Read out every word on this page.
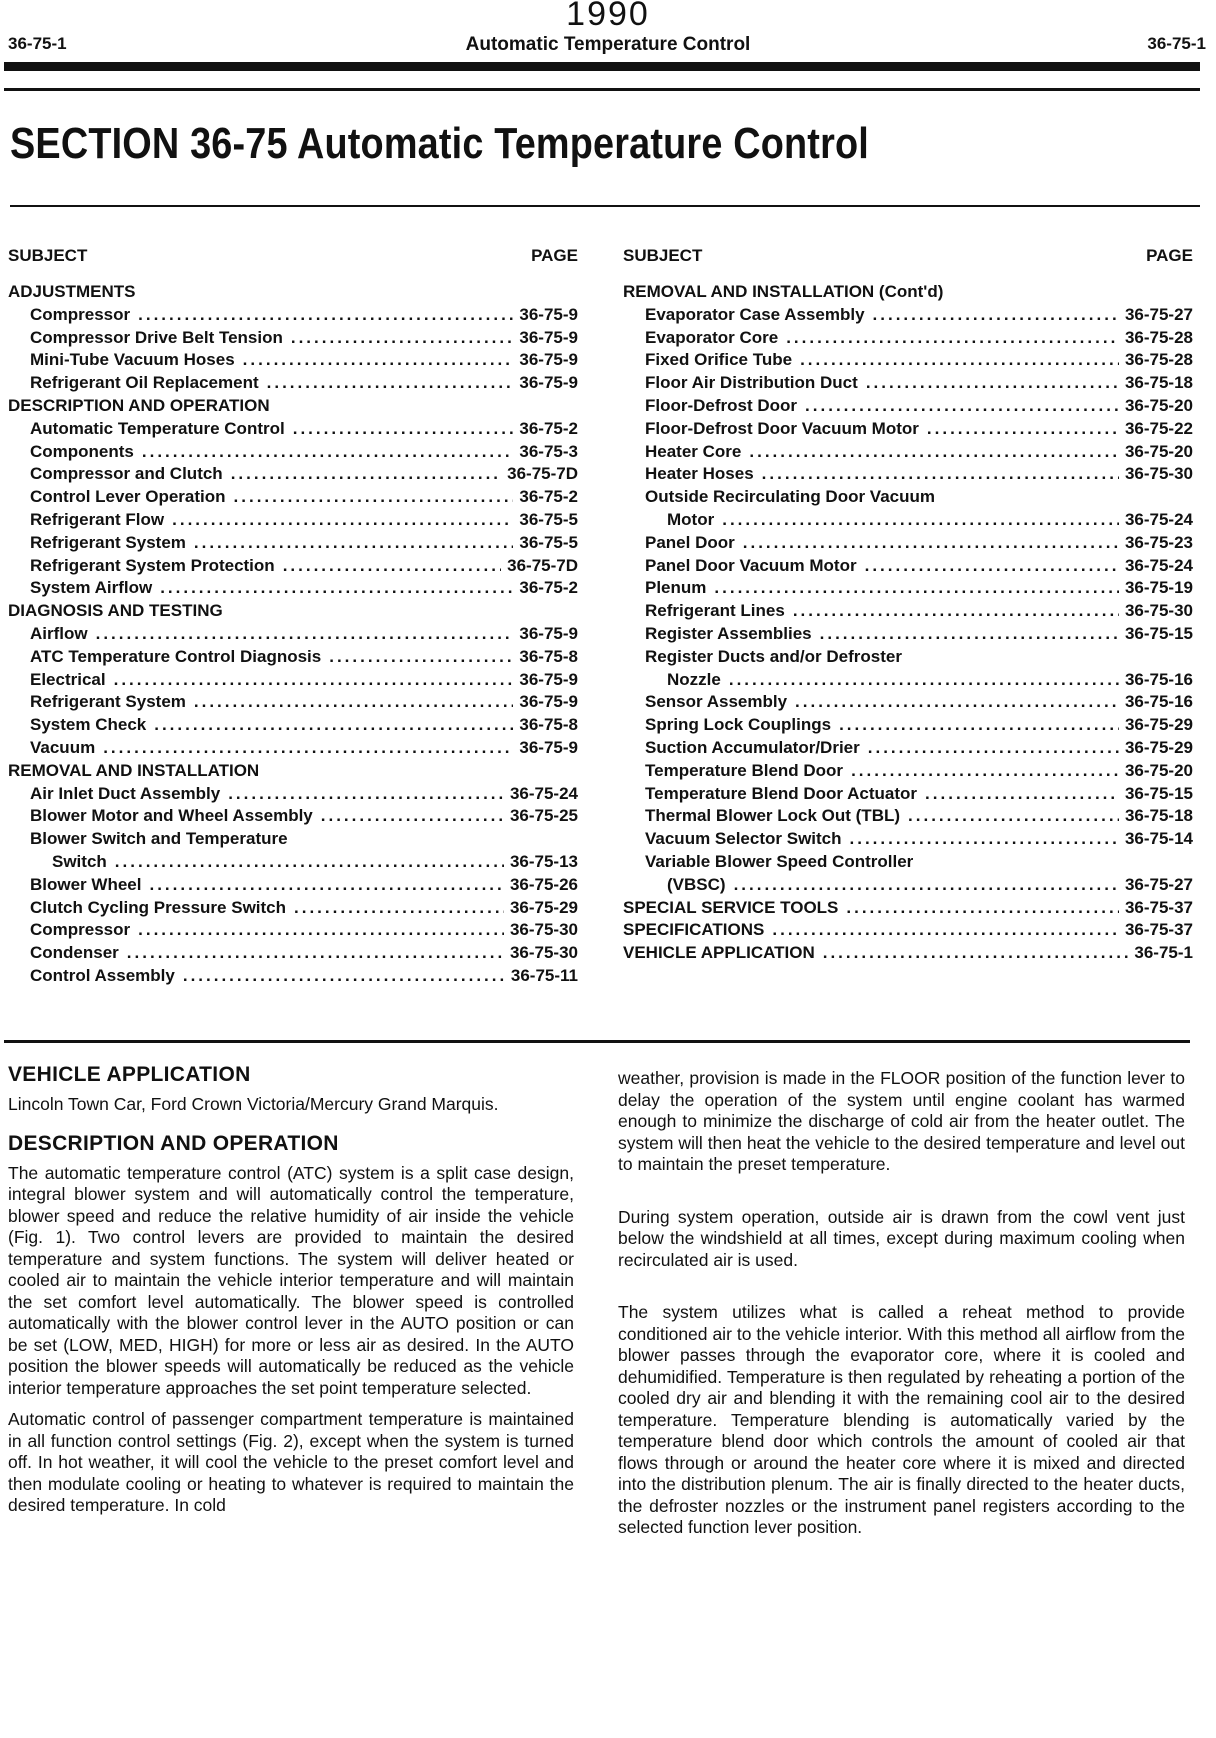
1990
36-75-1	Automatic Temperature Control	36-75-1
SECTION 36-75 Automatic Temperature Control
SUBJECT	PAGE
ADJUSTMENTS
Compressor .....	36-75-9
Compressor Drive Belt Tension .....	36-75-9
Mini-Tube Vacuum Hoses .....	36-75-9
Refrigerant Oil Replacement .....	36-75-9
DESCRIPTION AND OPERATION
Automatic Temperature Control .....	36-75-2
Components .....	36-75-3
Compressor and Clutch .....	36-75-7D
Control Lever Operation .....	36-75-2
Refrigerant Flow .....	36-75-5
Refrigerant System .....	36-75-5
Refrigerant System Protection .....	36-75-7D
System Airflow .....	36-75-2
DIAGNOSIS AND TESTING
Airflow .....	36-75-9
ATC Temperature Control Diagnosis .....	36-75-8
Electrical .....	36-75-9
Refrigerant System .....	36-75-9
System Check .....	36-75-8
Vacuum .....	36-75-9
REMOVAL AND INSTALLATION
Air Inlet Duct Assembly .....	36-75-24
Blower Motor and Wheel Assembly .....	36-75-25
Blower Switch and Temperature
Switch .....	36-75-13
Blower Wheel .....	36-75-26
Clutch Cycling Pressure Switch .....	36-75-29
Compressor .....	36-75-30
Condenser .....	36-75-30
Control Assembly .....	36-75-11
SUBJECT	PAGE
REMOVAL AND INSTALLATION (Cont'd)
Evaporator Case Assembly .....	36-75-27
Evaporator Core .....	36-75-28
Fixed Orifice Tube .....	36-75-28
Floor Air Distribution Duct .....	36-75-18
Floor-Defrost Door .....	36-75-20
Floor-Defrost Door Vacuum Motor .....	36-75-22
Heater Core .....	36-75-20
Heater Hoses .....	36-75-30
Outside Recirculating Door Vacuum
Motor .....	36-75-24
Panel Door .....	36-75-23
Panel Door Vacuum Motor .....	36-75-24
Plenum .....	36-75-19
Refrigerant Lines .....	36-75-30
Register Assemblies .....	36-75-15
Register Ducts and/or Defroster
Nozzle .....	36-75-16
Sensor Assembly .....	36-75-16
Spring Lock Couplings .....	36-75-29
Suction Accumulator/Drier .....	36-75-29
Temperature Blend Door .....	36-75-20
Temperature Blend Door Actuator .....	36-75-15
Thermal Blower Lock Out (TBL) .....	36-75-18
Vacuum Selector Switch .....	36-75-14
Variable Blower Speed Controller
(VBSC) .....	36-75-27
SPECIAL SERVICE TOOLS .....	36-75-37
SPECIFICATIONS .....	36-75-37
VEHICLE APPLICATION .....	36-75-1
VEHICLE APPLICATION

Lincoln Town Car, Ford Crown Victoria/Mercury Grand Marquis.

DESCRIPTION AND OPERATION

The automatic temperature control (ATC) system is a split case design, integral blower system and will automatically control the temperature, blower speed and reduce the relative humidity of air inside the vehicle (Fig. 1). Two control levers are provided to maintain the desired temperature and system functions. The system will deliver heated or cooled air to maintain the vehicle interior temperature and will maintain the set comfort level automatically. The blower speed is controlled automatically with the blower control lever in the AUTO position or can be set (LOW, MED, HIGH) for more or less air as desired. In the AUTO position the blower speeds will automatically be reduced as the vehicle interior temperature approaches the set point temperature selected.

Automatic control of passenger compartment temperature is maintained in all function control settings (Fig. 2), except when the system is turned off. In hot weather, it will cool the vehicle to the preset comfort level and then modulate cooling or heating to whatever is required to maintain the desired temperature. In cold

weather, provision is made in the FLOOR position of the function lever to delay the operation of the system until engine coolant has warmed enough to minimize the discharge of cold air from the heater outlet. The system will then heat the vehicle to the desired temperature and level out to maintain the preset temperature.

During system operation, outside air is drawn from the cowl vent just below the windshield at all times, except during maximum cooling when recirculated air is used.

The system utilizes what is called a reheat method to provide conditioned air to the vehicle interior. With this method all airflow from the blower passes through the evaporator core, where it is cooled and dehumidified. Temperature is then regulated by reheating a portion of the cooled dry air and blending it with the remaining cool air to the desired temperature. Temperature blending is automatically varied by the temperature blend door which controls the amount of cooled air that flows through or around the heater core where it is mixed and directed into the distribution plenum. The air is finally directed to the heater ducts, the defroster nozzles or the instrument panel registers according to the selected function lever position.
